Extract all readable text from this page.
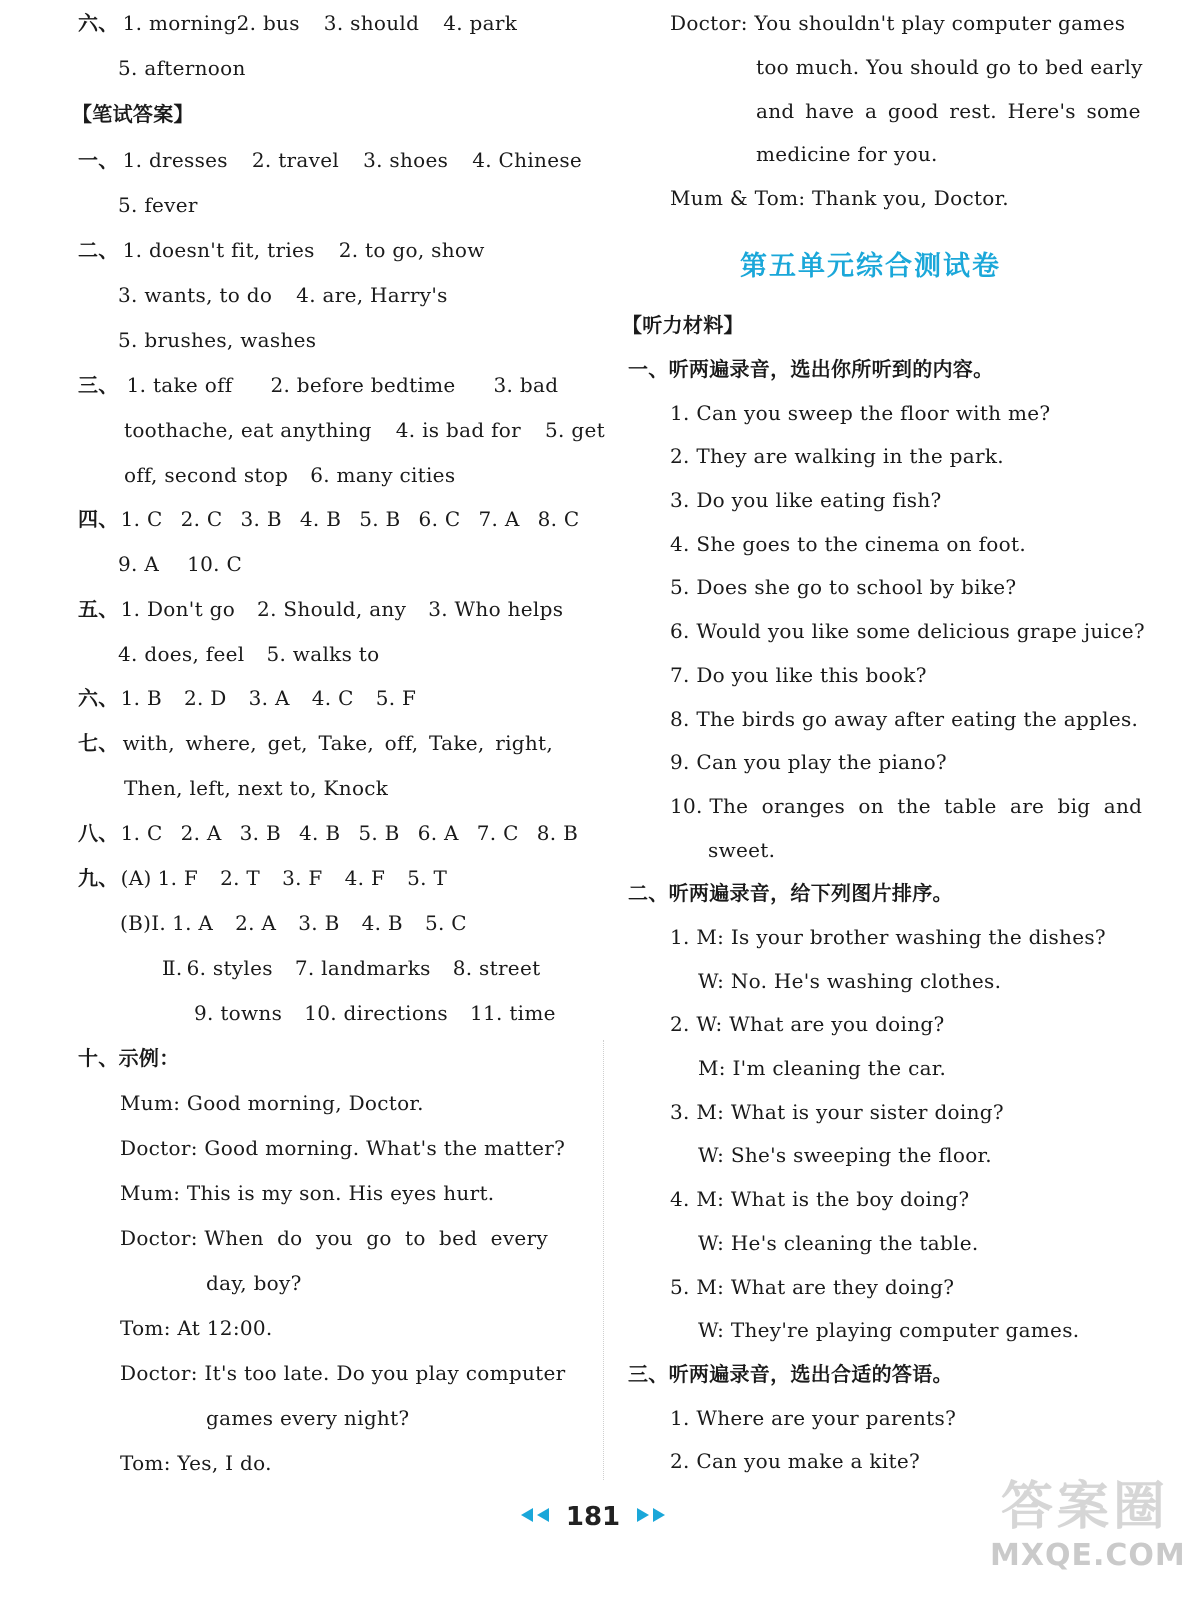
六、 1. morning2. bus 3. should 4. park
5. afternoon
【笔试答案】
一、 1. dresses 2. travel 3. shoes 4. Chinese
5. fever
二、 1. doesn't fit, tries 2. to go, show
3. wants, to do 4. are, Harry's
5. brushes, washes
三、 1. take off 2. before bedtime 3. bad
toothache, eat anything 4. is bad for 5. get
off, second stop 6. many cities
四、 1. C 2. C 3. B 4. B 5. B 6. C 7. A 8. C
9. A 10. C
五、 1. Don't go 2. Should, any 3. Who helps
4. does, feel 5. walks to
六、 1. B 2. D 3. A 4. C 5. F
七、 with, where, get, Take, off, Take, right,
Then, left, next to, Knock
八、 1. C 2. A 3. B 4. B 5. B 6. A 7. C 8. B
九、 (A) 1. F 2. T 3. F 4. F 5. T
(B)Ⅰ. 1. A 2. A 3. B 4. B 5. C
Ⅱ. 6. styles 7. landmarks 8. street
9. towns 10. directions 11. time
十、示例：
Mum: Good morning, Doctor.
Doctor: Good morning. What's the matter?
Mum: This is my son. His eyes hurt.
Doctor: When  do  you  go  to  bed  every
day, boy?
Tom: At 12:00.
Doctor: It's too late. Do you play computer
games every night?
Tom: Yes, I do.
Doctor: You shouldn't play computer games
too much. You should go to bed early
and have a good rest. Here's some
medicine for you.
Mum & Tom: Thank you, Doctor.
【听力材料】
一、听两遍录音，选出你所听到的内容。
1. Can you sweep the floor with me?
2. They are walking in the park.
3. Do you like eating fish?
4. She goes to the cinema on foot.
5. Does she go to school by bike?
6. Would you like some delicious grape juice?
7. Do you like this book?
8. The birds go away after eating the apples.
9. Can you play the piano?
10. The  oranges  on  the  table  are  big  and
sweet.
二、听两遍录音，给下列图片排序。
1. M: Is your brother washing the dishes?
W: No. He's washing clothes.
2. W: What are you doing?
M: I'm cleaning the car.
3. M: What is your sister doing?
W: She's sweeping the floor.
4. M: What is the boy doing?
W: He's cleaning the table.
5. M: What are they doing?
W: They're playing computer games.
三、听两遍录音，选出合适的答语。
1. Where are your parents?
2. Can you make a kite?
第五单元综合测试卷
181	答案圈
MXQE.COM
